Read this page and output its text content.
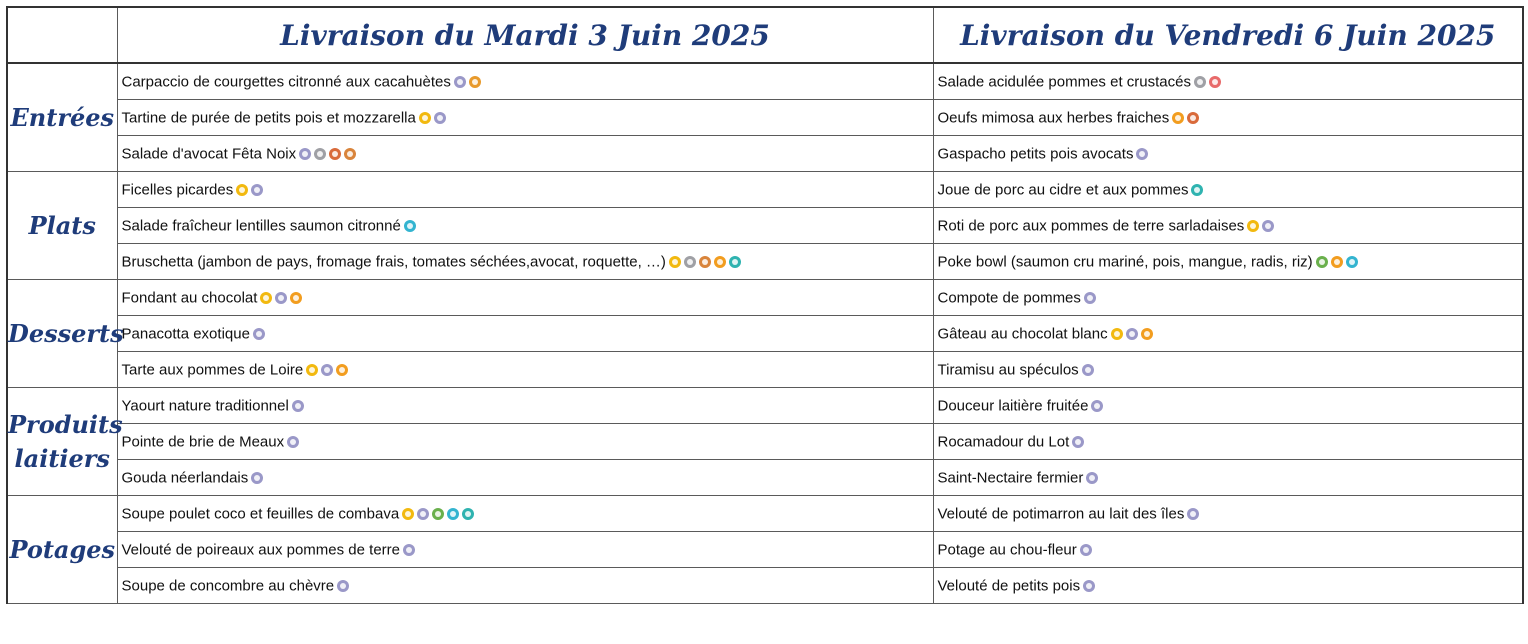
	Livraison du Mardi 3 Juin 2025	Livraison du Vendredi 6 Juin 2025
Entrées	Carpaccio de courgettes citronné aux cacahuètes	Salade acidulée pommes et crustacés
	Tartine de purée de petits pois et mozzarella	Oeufs mimosa aux herbes fraiches
	Salade d'avocat Fêta Noix	Gaspacho petits pois avocats
Plats	Ficelles picardes	Joue de porc au cidre et aux pommes
	Salade fraîcheur lentilles saumon citronné	Roti de porc aux pommes de terre sarladaises
	Bruschetta (jambon de pays, fromage frais, tomates séchées,avocat, roquette, …)	Poke bowl (saumon cru mariné, pois, mangue, radis, riz)
Desserts	Fondant au chocolat	Compote de pommes
	Panacotta exotique	Gâteau au chocolat blanc
	Tarte aux pommes de Loire	Tiramisu au spéculos
Produits laitiers	Yaourt nature traditionnel	Douceur laitière fruitée
	Pointe de brie de Meaux	Rocamadour du Lot
	Gouda néerlandais	Saint-Nectaire fermier
Potages	Soupe poulet coco et feuilles de combava	Velouté de potimarron au lait des îles
	Velouté de poireaux aux pommes de terre	Potage au chou-fleur
	Soupe de concombre au chèvre	Velouté de petits pois
